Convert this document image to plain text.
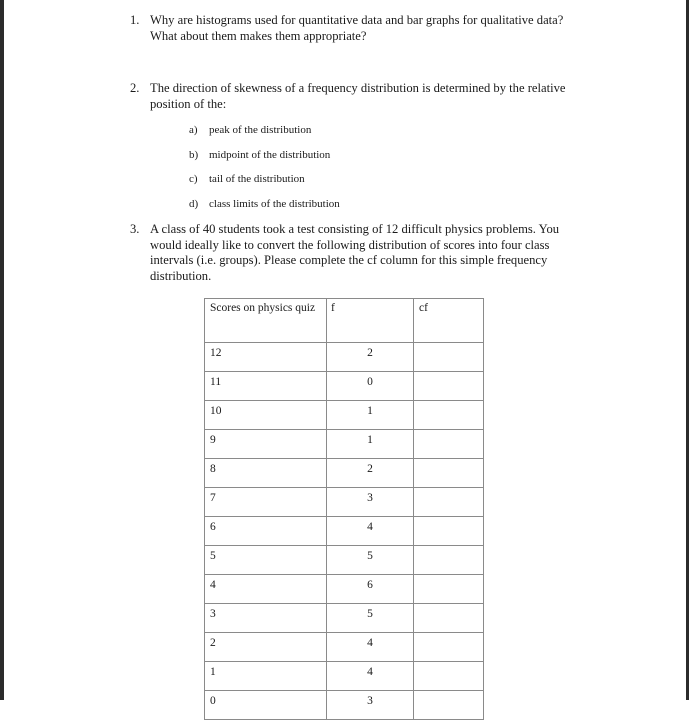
1. Why are histograms used for quantitative data and bar graphs for qualitative data? What about them makes them appropriate?
2. The direction of skewness of a frequency distribution is determined by the relative position of the:
a) peak of the distribution
b) midpoint of the distribution
c) tail of the distribution
d) class limits of the distribution
3. A class of 40 students took a test consisting of 12 difficult physics problems. You would ideally like to convert the following distribution of scores into four class intervals (i.e. groups). Please complete the cf column for this simple frequency distribution.
Scores on physics quiz	f	cf
12	2	
11	0	
10	1	
9	1	
8	2	
7	3	
6	4	
5	5	
4	6	
3	5	
2	4	
1	4	
0	3	
